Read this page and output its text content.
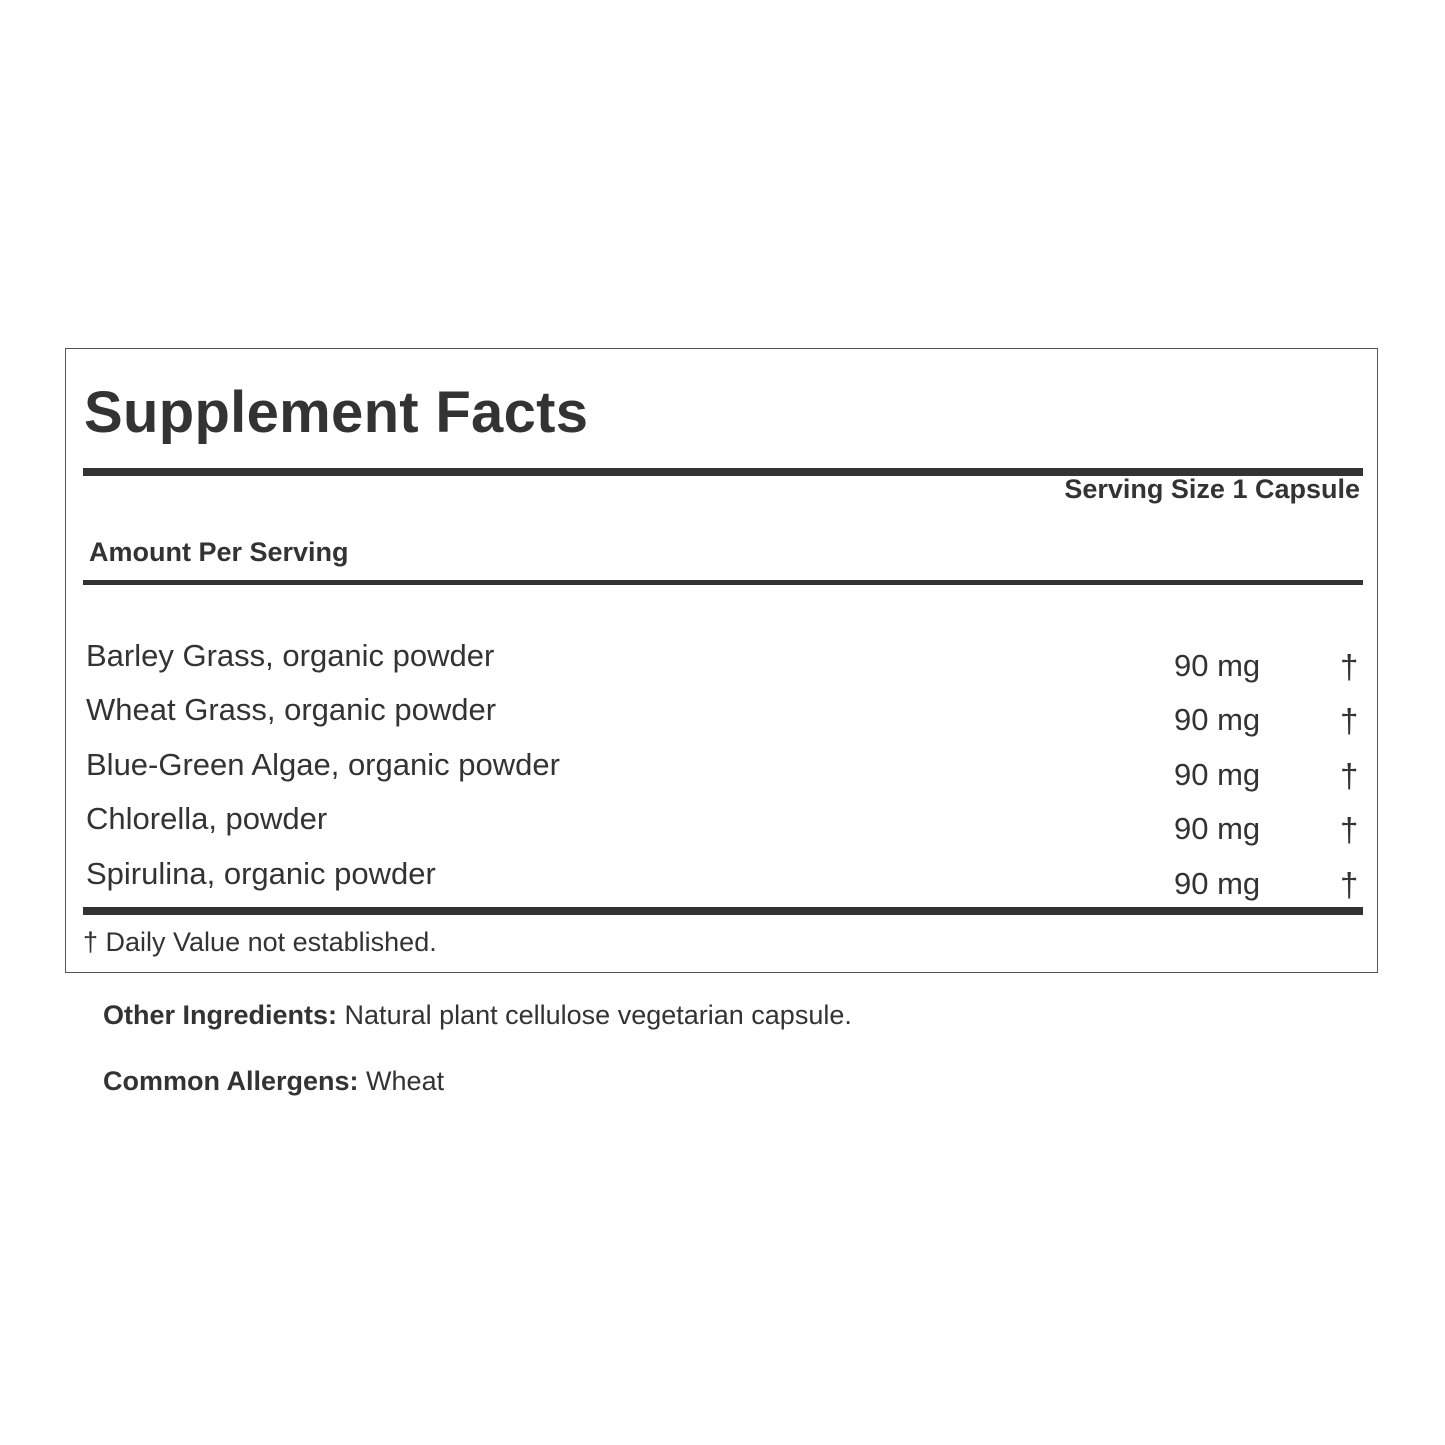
Supplement Facts
Serving Size 1 Capsule
Amount Per Serving
Barley Grass, organic powder	90 mg †
Wheat Grass, organic powder	90 mg †
Blue-Green Algae, organic powder	90 mg †
Chlorella, powder	90 mg †
Spirulina, organic powder	90 mg †
† Daily Value not established.
Other Ingredients: Natural plant cellulose vegetarian capsule.
Common Allergens: Wheat
